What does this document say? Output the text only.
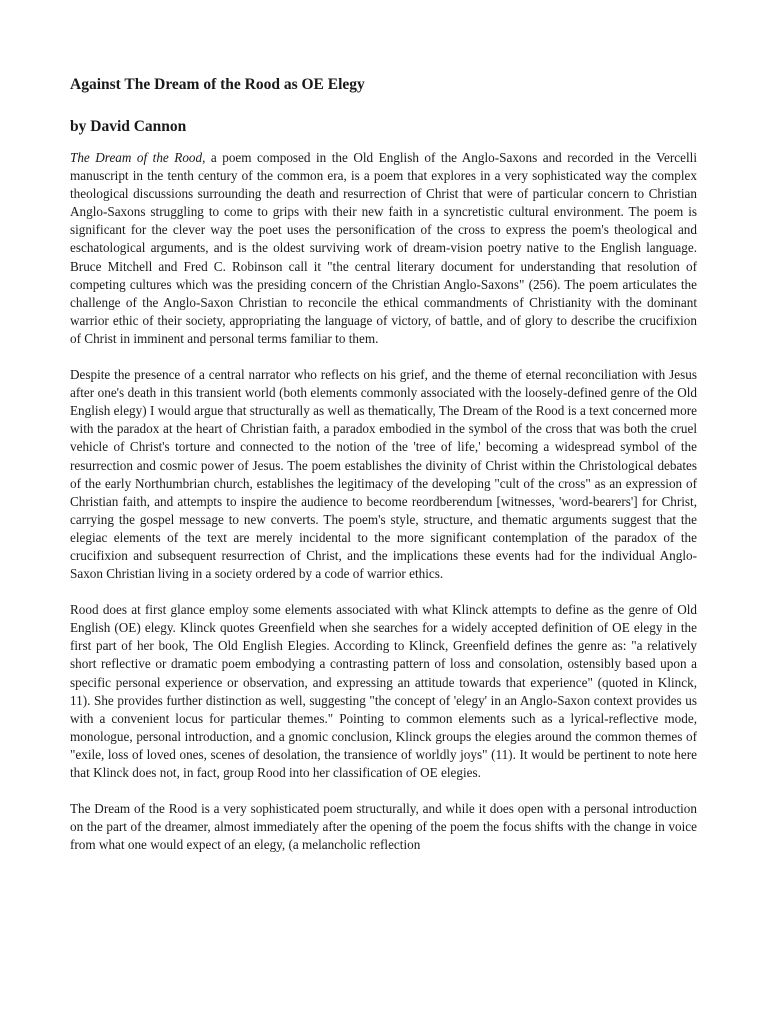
Against The Dream of the Rood as OE Elegy
by David Cannon

The Dream of the Rood, a poem composed in the Old English of the Anglo-Saxons and recorded in the Vercelli manuscript in the tenth century of the common era, is a poem that explores in a very sophisticated way the complex theological discussions surrounding the death and resurrection of Christ that were of particular concern to Christian Anglo-Saxons struggling to come to grips with their new faith in a syncretistic cultural environment. The poem is significant for the clever way the poet uses the personification of the cross to express the poem's theological and eschatological arguments, and is the oldest surviving work of dream-vision poetry native to the English language. Bruce Mitchell and Fred C. Robinson call it "the central literary document for understanding that resolution of competing cultures which was the presiding concern of the Christian Anglo-Saxons" (256). The poem articulates the challenge of the Anglo-Saxon Christian to reconcile the ethical commandments of Christianity with the dominant warrior ethic of their society, appropriating the language of victory, of battle, and of glory to describe the crucifixion of Christ in imminent and personal terms familiar to them.

Despite the presence of a central narrator who reflects on his grief, and the theme of eternal reconciliation with Jesus after one's death in this transient world (both elements commonly associated with the loosely-defined genre of the Old English elegy) I would argue that structurally as well as thematically, The Dream of the Rood is a text concerned more with the paradox at the heart of Christian faith, a paradox embodied in the symbol of the cross that was both the cruel vehicle of Christ's torture and connected to the notion of the 'tree of life,' becoming a widespread symbol of the resurrection and cosmic power of Jesus. The poem establishes the divinity of Christ within the Christological debates of the early Northumbrian church, establishes the legitimacy of the developing "cult of the cross" as an expression of Christian faith, and attempts to inspire the audience to become reordberendum [witnesses, 'word-bearers'] for Christ, carrying the gospel message to new converts. The poem's style, structure, and thematic arguments suggest that the elegiac elements of the text are merely incidental to the more significant contemplation of the paradox of the crucifixion and subsequent resurrection of Christ, and the implications these events had for the individual Anglo-Saxon Christian living in a society ordered by a code of warrior ethics.

Rood does at first glance employ some elements associated with what Klinck attempts to define as the genre of Old English (OE) elegy. Klinck quotes Greenfield when she searches for a widely accepted definition of OE elegy in the first part of her book, The Old English Elegies. According to Klinck, Greenfield defines the genre as: "a relatively short reflective or dramatic poem embodying a contrasting pattern of loss and consolation, ostensibly based upon a specific personal experience or observation, and expressing an attitude towards that experience" (quoted in Klinck, 11). She provides further distinction as well, suggesting "the concept of 'elegy' in an Anglo-Saxon context provides us with a convenient locus for particular themes." Pointing to common elements such as a lyrical-reflective mode, monologue, personal introduction, and a gnomic conclusion, Klinck groups the elegies around the common themes of "exile, loss of loved ones, scenes of desolation, the transience of worldly joys" (11). It would be pertinent to note here that Klinck does not, in fact, group Rood into her classification of OE elegies.

The Dream of the Rood is a very sophisticated poem structurally, and while it does open with a personal introduction on the part of the dreamer, almost immediately after the opening of the poem the focus shifts with the change in voice from what one would expect of an elegy, (a melancholic reflection
